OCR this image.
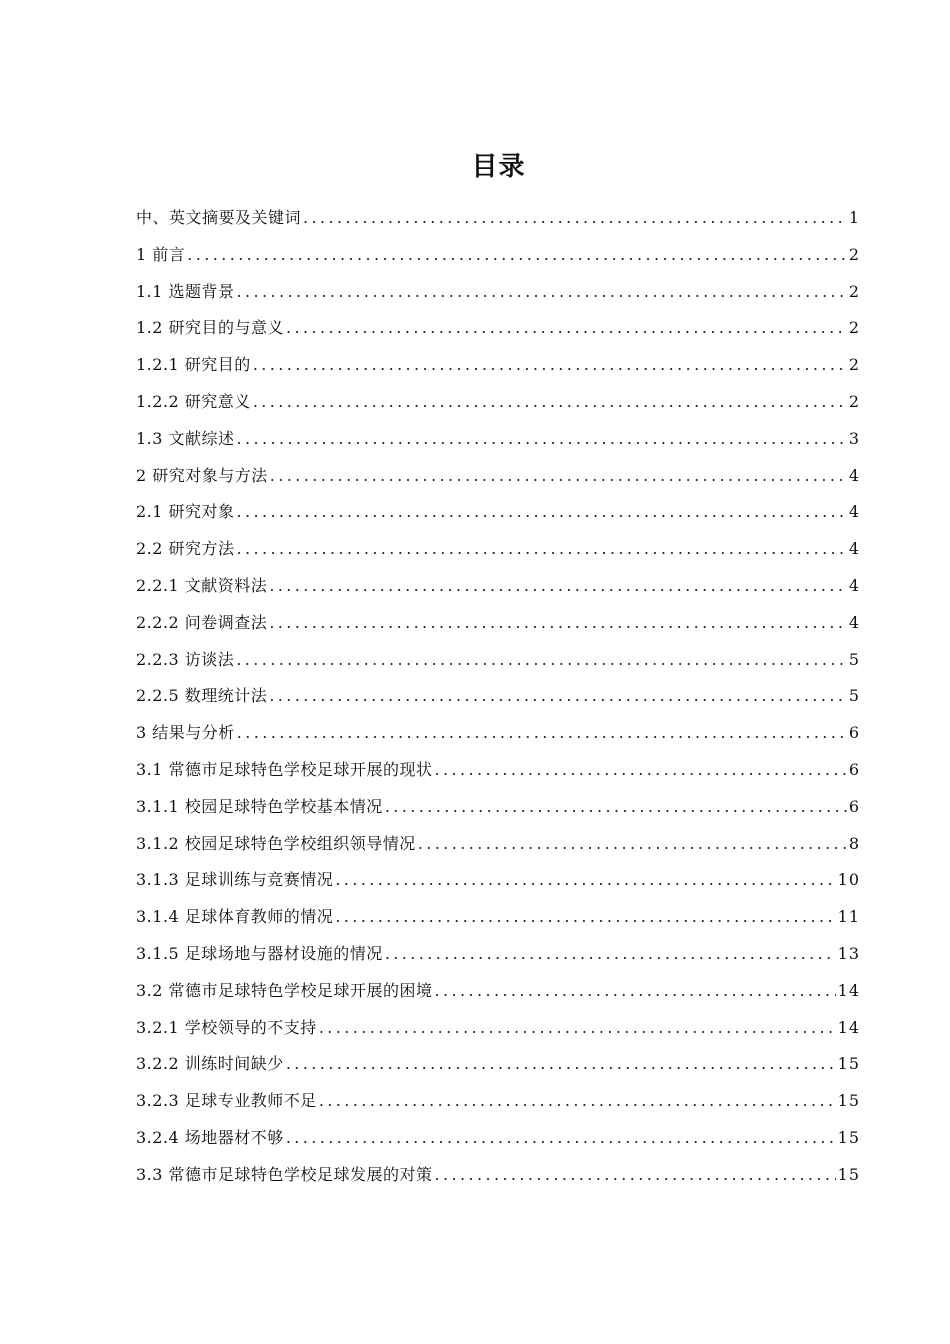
目录
中、英文摘要及关键词 .....	1
1 前言 .....	2
1.1 选题背景 .....	2
1.2 研究目的与意义 .....	2
1.2.1 研究目的 .....	2
1.2.2 研究意义 .....	2
1.3 文献综述 .....	3
2 研究对象与方法 .....	4
2.1 研究对象 .....	4
2.2 研究方法 .....	4
2.2.1 文献资料法 .....	4
2.2.2 问卷调查法 .....	4
2.2.3 访谈法 .....	5
2.2.5 数理统计法 .....	5
3 结果与分析 .....	6
3.1 常德市足球特色学校足球开展的现状 .....	6
3.1.1 校园足球特色学校基本情况 .....	6
3.1.2 校园足球特色学校组织领导情况 .....	8
3.1.3 足球训练与竞赛情况 .....	10
3.1.4 足球体育教师的情况 .....	11
3.1.5 足球场地与器材设施的情况 .....	13
3.2 常德市足球特色学校足球开展的困境 .....	14
3.2.1 学校领导的不支持 .....	14
3.2.2 训练时间缺少 .....	15
3.2.3 足球专业教师不足 .....	15
3.2.4 场地器材不够 .....	15
3.3 常德市足球特色学校足球发展的对策 .....	15
